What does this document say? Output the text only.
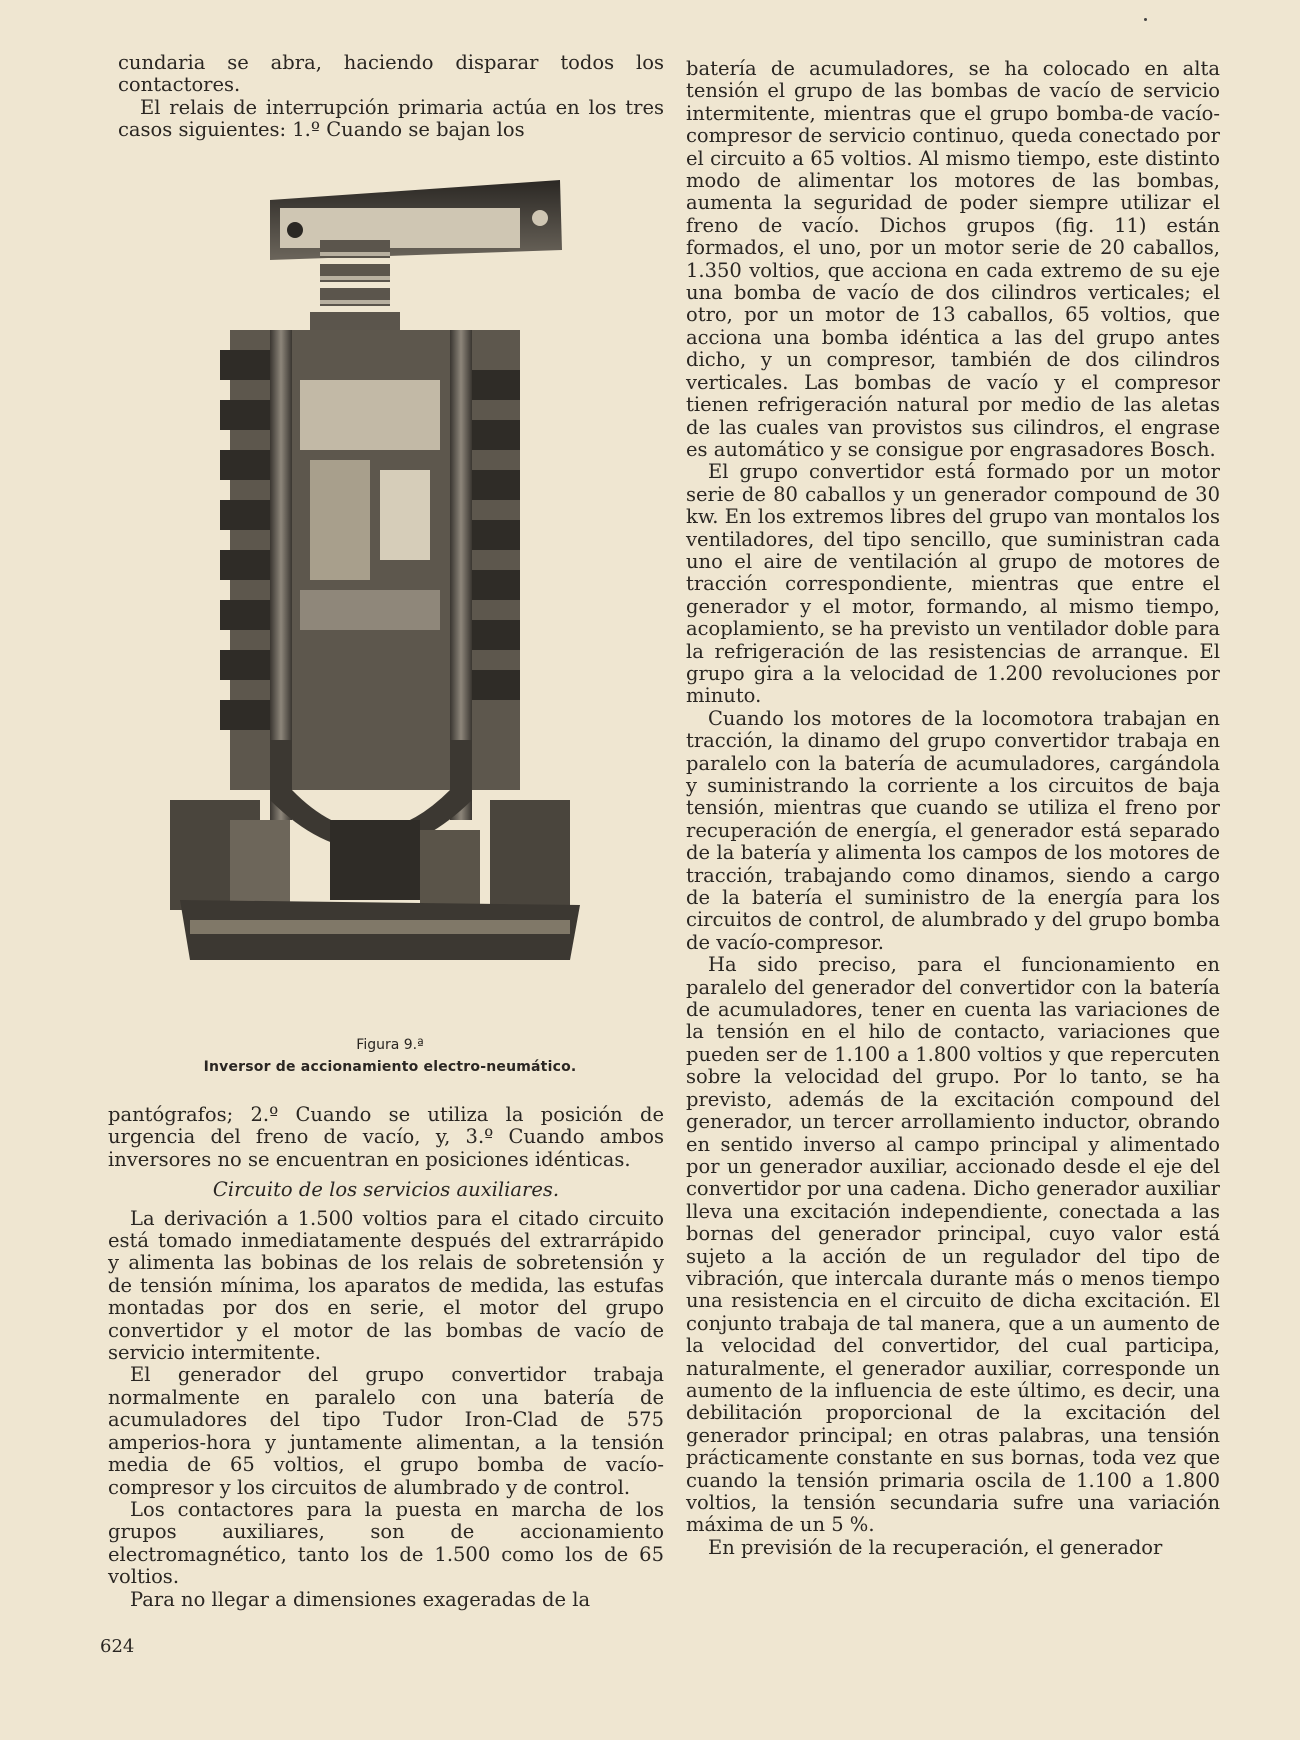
cundaria se abra, haciendo disparar todos los contactores.

El relais de interrupción primaria actúa en los tres casos siguientes: 1.º Cuando se bajan los

Figura 9.ª
Inversor de accionamiento electro-neumático.

pantógrafos; 2.º Cuando se utiliza la posición de urgencia del freno de vacío, y, 3.º Cuando ambos inversores no se encuentran en posiciones idénticas.

Circuito de los servicios auxiliares.

La derivación a 1.500 voltios para el citado circuito está tomado inmediatamente después del extrarrápido y alimenta las bobinas de los relais de sobretensión y de tensión mínima, los aparatos de medida, las estufas montadas por dos en serie, el motor del grupo convertidor y el motor de las bombas de vacío de servicio intermitente.

El generador del grupo convertidor trabaja normalmente en paralelo con una batería de acumuladores del tipo Tudor Iron-Clad de 575 amperios-hora y juntamente alimentan, a la tensión media de 65 voltios, el grupo bomba de vacío-compresor y los circuitos de alumbrado y de control.

Los contactores para la puesta en marcha de los grupos auxiliares, son de accionamiento electromagnético, tanto los de 1.500 como los de 65 voltios.

Para no llegar a dimensiones exageradas de la

batería de acumuladores, se ha colocado en alta tensión el grupo de las bombas de vacío de servicio intermitente, mientras que el grupo bomba-de vacío-compresor de servicio continuo, queda conectado por el circuito a 65 voltios. Al mismo tiempo, este distinto modo de alimentar los motores de las bombas, aumenta la seguridad de poder siempre utilizar el freno de vacío. Dichos grupos (fig. 11) están formados, el uno, por un motor serie de 20 caballos, 1.350 voltios, que acciona en cada extremo de su eje una bomba de vacío de dos cilindros verticales; el otro, por un motor de 13 caballos, 65 voltios, que acciona una bomba idéntica a las del grupo antes dicho, y un compresor, también de dos cilindros verticales. Las bombas de vacío y el compresor tienen refrigeración natural por medio de las aletas de las cuales van provistos sus cilindros, el engrase es automático y se consigue por engrasadores Bosch.

El grupo convertidor está formado por un motor serie de 80 caballos y un generador compound de 30 kw. En los extremos libres del grupo van montalos los ventiladores, del tipo sencillo, que suministran cada uno el aire de ventilación al grupo de motores de tracción correspondiente, mientras que entre el generador y el motor, formando, al mismo tiempo, acoplamiento, se ha previsto un ventilador doble para la refrigeración de las resistencias de arranque. El grupo gira a la velocidad de 1.200 revoluciones por minuto.

Cuando los motores de la locomotora trabajan en tracción, la dinamo del grupo convertidor trabaja en paralelo con la batería de acumuladores, cargándola y suministrando la corriente a los circuitos de baja tensión, mientras que cuando se utiliza el freno por recuperación de energía, el generador está separado de la batería y alimenta los campos de los motores de tracción, trabajando como dinamos, siendo a cargo de la batería el suministro de la energía para los circuitos de control, de alumbrado y del grupo bomba de vacío-compresor.

Ha sido preciso, para el funcionamiento en paralelo del generador del convertidor con la batería de acumuladores, tener en cuenta las variaciones de la tensión en el hilo de contacto, variaciones que pueden ser de 1.100 a 1.800 voltios y que repercuten sobre la velocidad del grupo. Por lo tanto, se ha previsto, además de la excitación compound del generador, un tercer arrollamiento inductor, obrando en sentido inverso al campo principal y alimentado por un generador auxiliar, accionado desde el eje del convertidor por una cadena. Dicho generador auxiliar lleva una excitación independiente, conectada a las bornas del generador principal, cuyo valor está sujeto a la acción de un regulador del tipo de vibración, que intercala durante más o menos tiempo una resistencia en el circuito de dicha excitación. El conjunto trabaja de tal manera, que a un aumento de la velocidad del convertidor, del cual participa, naturalmente, el generador auxiliar, corresponde un aumento de la influencia de este último, es decir, una debilitación proporcional de la excitación del generador principal; en otras palabras, una tensión prácticamente constante en sus bornas, toda vez que cuando la tensión primaria oscila de 1.100 a 1.800 voltios, la tensión secundaria sufre una variación máxima de un 5 %.

En previsión de la recuperación, el generador

624
